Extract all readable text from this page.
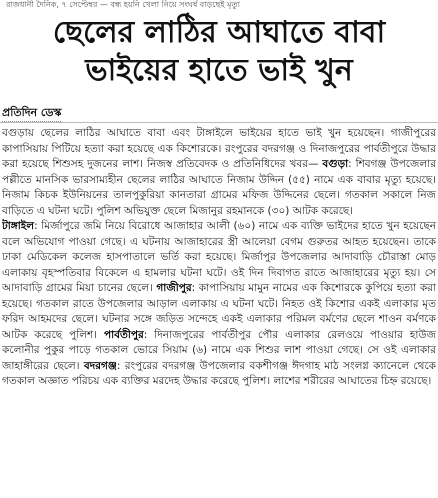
রাজধানী দৈনিক, ৭ সেপ্টেম্বর — বন্ধ হয়নি খেলা নিয়ে সংঘর্ষ বাড়ছেই মৃত্যু
ছেলের লাঠির আঘাতে বাবা
ভাইয়ের হাতে ভাই খুন
প্রতিদিন ডেস্ক

বগুড়ায় ছেলের লাঠির আঘাতে বাবা এবং টাঙ্গাইলে ভাইয়ের হাতে ভাই খুন হয়েছেন। গাজীপুরের কাপাসিয়ায় পিটিয়ে হত্যা করা হয়েছে এক কিশোরকে। রংপুরের বদরগঞ্জ ও দিনাজপুরের পার্বতীপুরে উদ্ধার করা হয়েছে শিশুসহ দুজনের লাশ। নিজস্ব প্রতিবেদক ও প্রতিনিধিদের খবর— বগুড়া: শিবগঞ্জ উপজেলার পল্লীতে মানসিক ভারসাম্যহীন ছেলের লাঠির আঘাতে নিজাম উদ্দিন (৫৫) নামে এক বাবার মৃত্যু হয়েছে। নিজাম কিচক ইউনিয়নের তালপুকুরিয়া কানতারা গ্রামের মফিজ উদ্দিনের ছেলে। গতকাল সকালে নিজ বাড়িতে এ ঘটনা ঘটে। পুলিশ অভিযুক্ত ছেলে মিজানুর রহমানকে (৩০) আটক করেছে।

টাঙ্গাইল: মির্জাপুরে জমি নিয়ে বিরোধে আজাহার আলী (৬০) নামে এক ব্যক্তি ভাইদের হাতে খুন হয়েছেন বলে অভিযোগ পাওয়া গেছে। এ ঘটনায় আজাহারের স্ত্রী আলেয়া বেগম গুরুতর আহত হয়েছেন। তাকে ঢাকা মেডিকেল কলেজ হাসপাতালে ভর্তি করা হয়েছে। মির্জাপুর উপজেলার আদাবাড়ি চৌরাস্তা মোড় এলাকায় বৃহস্পতিবার বিকেলে এ হামলার ঘটনা ঘটে। ওই দিন দিবাগত রাতে আজাহারের মৃত্যু হয়। সে আদাবাড়ি গ্রামের মিয়া চানের ছেলে। গাজীপুর: কাপাসিয়ায় মামুন নামের এক কিশোরকে কুপিয়ে হত্যা করা হয়েছে। গতকাল রাতে উপজেলার আড়াল এলাকায় এ ঘটনা ঘটে। নিহত ওই কিশোর একই এলাকার মৃত ফরিদ আহমদের ছেলে। ঘটনার সঙ্গে জড়িত সন্দেহে একই এলাকার পরিমল বর্মণের ছেলে শাওন বর্মণকে আটক করেছে পুলিশ। পার্বতীপুর: দিনাজপুরের পার্বতীপুর পৌর এলাকার রেলওয়ে পাওয়ার হাউজ কলোনীর পুকুর পাড়ে গতকাল ভোরে সিয়াম (৬) নামে এক শিশুর লাশ পাওয়া গেছে। সে ওই এলাকার জাহাঙ্গীরের ছেলে। বদরগঞ্জ: রংপুরের বদরগঞ্জ উপজেলার বকশীগঞ্জ ঈদগাহ মাঠ সংলগ্ন ক্যানেলে থেকে গতকাল অজ্ঞাত পরিচয় এক ব্যক্তির মরদেহ উদ্ধার করেছে পুলিশ। লাশের শরীরের আঘাতের চিহ্ন রয়েছে।
